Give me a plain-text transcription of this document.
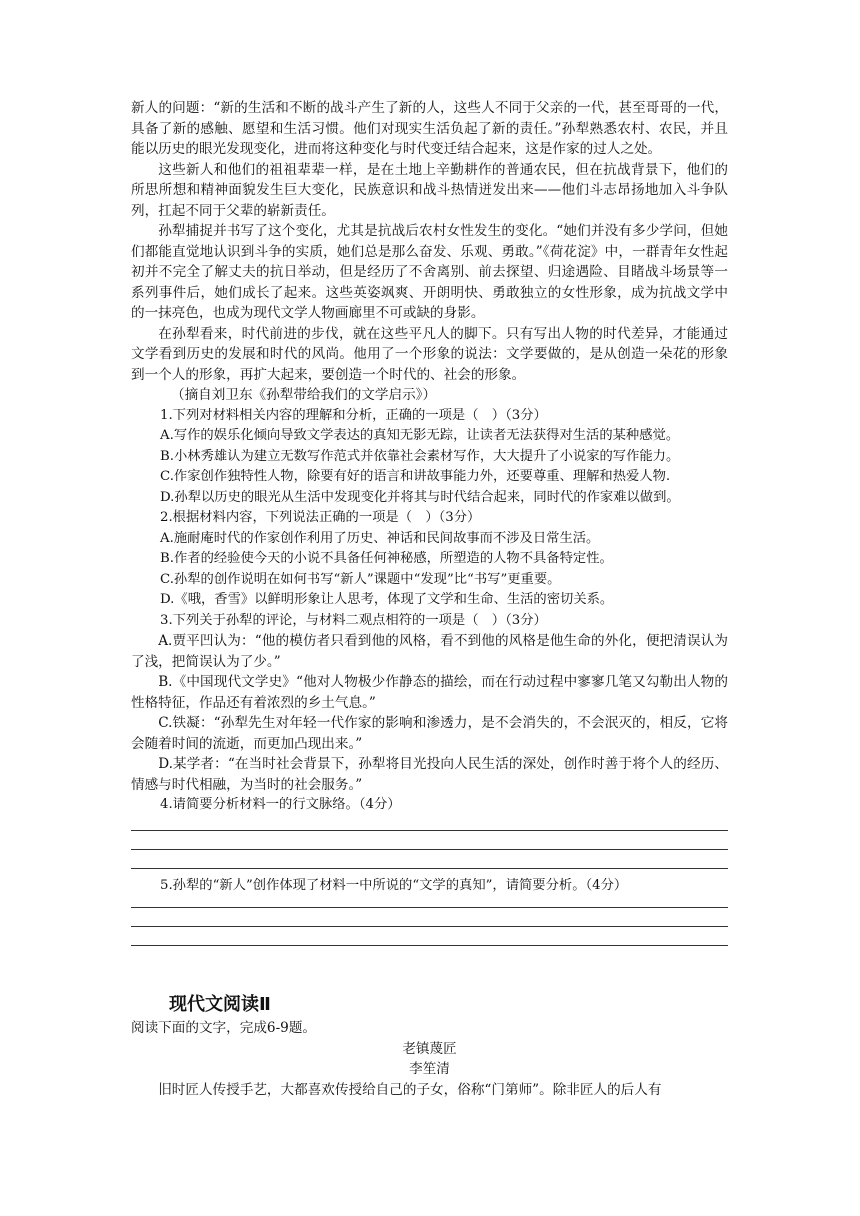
新人的问题：“新的生活和不断的战斗产生了新的人，这些人不同于父亲的一代，甚至哥哥的一代，具备了新的感触、愿望和生活习惯。他们对现实生活负起了新的责任。”孙犁熟悉农村、农民，并且能以历史的眼光发现变化，进而将这种变化与时代变迁结合起来，这是作家的过人之处。

这些新人和他们的祖祖辈辈一样，是在土地上辛勤耕作的普通农民，但在抗战背景下，他们的所思所想和精神面貌发生巨大变化，民族意识和战斗热情迸发出来——他们斗志昂扬地加入斗争队列，扛起不同于父辈的崭新责任。

孙犁捕捉并书写了这个变化，尤其是抗战后农村女性发生的变化。“她们并没有多少学问，但她们都能直觉地认识到斗争的实质，她们总是那么奋发、乐观、勇敢。”《荷花淀》中，一群青年女性起初并不完全了解丈夫的抗日举动，但是经历了不舍离别、前去探望、归途遇险、目睹战斗场景等一系列事件后，她们成长了起来。这些英姿飒爽、开朗明快、勇敢独立的女性形象，成为抗战文学中的一抹亮色，也成为现代文学人物画廊里不可或缺的身影。

在孙犁看来，时代前进的步伐，就在这些平凡人的脚下。只有写出人物的时代差异，才能通过文学看到历史的发展和时代的风尚。他用了一个形象的说法：文学要做的，是从创造一朵花的形象到一个人的形象，再扩大起来，要创造一个时代的、社会的形象。

（摘自刘卫东《孙犁带给我们的文学启示》）

1.下列对材料相关内容的理解和分析，正确的一项是（　）（3分）

A.写作的娱乐化倾向导致文学表达的真知无影无踪，让读者无法获得对生活的某种感觉。

B.小林秀雄认为建立无数写作范式并依靠社会素材写作，大大提升了小说家的写作能力。

C.作家创作独特性人物，除要有好的语言和讲故事能力外，还要尊重、理解和热爱人物.

D.孙犁以历史的眼光从生活中发现变化并将其与时代结合起来，同时代的作家难以做到。

2.根据材料内容，下列说法正确的一项是（　）（3分）

A.施耐庵时代的作家创作利用了历史、神话和民间故事而不涉及日常生活。

B.作者的经验使今天的小说不具备任何神秘感，所塑造的人物不具备特定性。

C.孙犁的创作说明在如何书写“新人”课题中“发现”比“书写”更重要。

D.《哦，香雪》以鲜明形象让人思考，体现了文学和生命、生活的密切关系。

3.下列关于孙犁的评论，与材料二观点相符的一项是（　）（3分）

A.贾平凹认为：“他的模仿者只看到他的风格，看不到他的风格是他生命的外化，便把清误认为了浅，把简误认为了少。”

B.《中国现代文学史》“他对人物极少作静态的描绘，而在行动过程中寥寥几笔又勾勒出人物的性格特征，作品还有着浓烈的乡土气息。”

C.铁凝：“孙犁先生对年轻一代作家的影响和渗透力，是不会消失的，不会泯灭的，相反，它将会随着时间的流逝，而更加凸现出来。”

D.某学者：“在当时社会背景下，孙犁将目光投向人民生活的深处，创作时善于将个人的经历、情感与时代相融，为当时的社会服务。”

4.请简要分析材料一的行文脉络。（4分）

5.孙犁的“新人”创作体现了材料一中所说的“文学的真知”，请简要分析。（4分）

现代文阅读Ⅱ

阅读下面的文字，完成6-9题。

老镇蔑匠

李笙清

旧时匠人传授手艺，大都喜欢传授给自己的子女，俗称“门第师”。除非匠人的后人有
